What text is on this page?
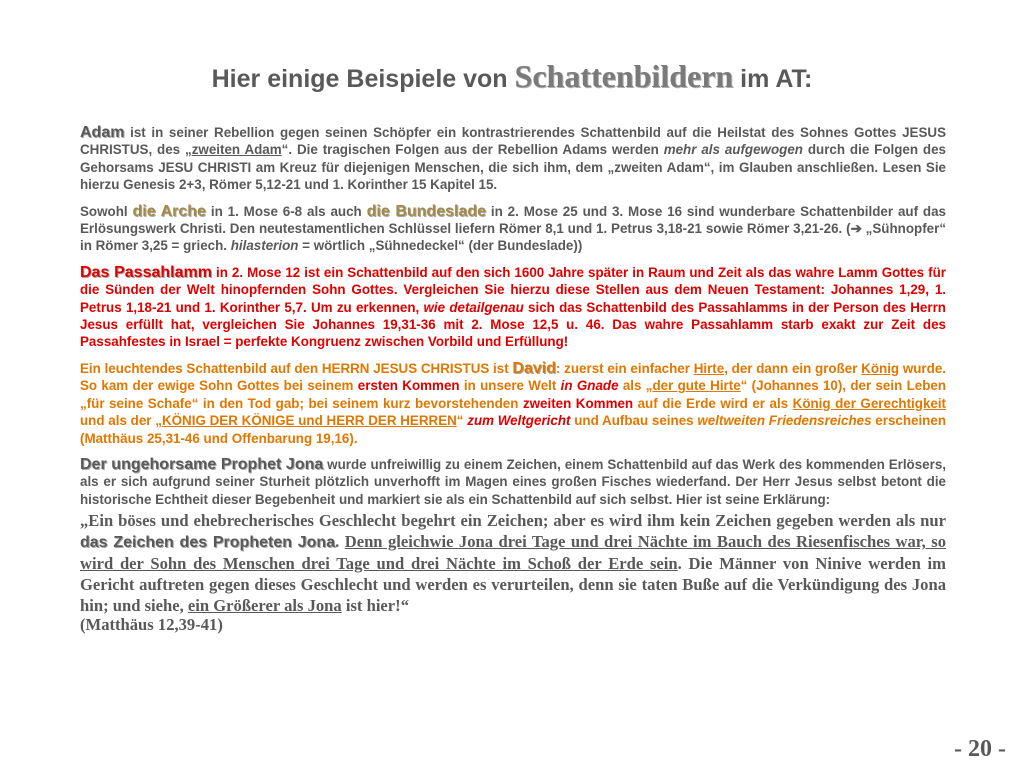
Hier einige Beispiele von Schattenbildern im AT:

Adam ist in seiner Rebellion gegen seinen Schöpfer ein kontrastrierendes Schattenbild auf die Heilstat des Sohnes Gottes JESUS CHRISTUS, des „zweiten Adam“. Die tragischen Folgen aus der Rebellion Adams werden mehr als aufgewogen durch die Folgen des Gehorsams JESU CHRISTI am Kreuz für diejenigen Menschen, die sich ihm, dem „zweiten Adam“, im Glauben anschließen. Lesen Sie hierzu Genesis 2+3, Römer 5,12-21 und 1. Korinther 15 Kapitel 15.

Sowohl die Arche in 1. Mose 6-8 als auch die Bundeslade in 2. Mose 25 und 3. Mose 16 sind wunderbare Schattenbilder auf das Erlösungswerk Christi. Den neutestamentlichen Schlüssel liefern Römer 8,1 und 1. Petrus 3,18-21 sowie Römer 3,21-26. (➔ „Sühnopfer“ in Römer 3,25 = griech. hilasterion = wörtlich „Sühnedeckel“ (der Bundeslade))

Das Passahlamm in 2. Mose 12 ist ein Schattenbild auf den sich 1600 Jahre später in Raum und Zeit als das wahre Lamm Gottes für die Sünden der Welt hinopfernden Sohn Gottes. Vergleichen Sie hierzu diese Stellen aus dem Neuen Testament: Johannes 1,29, 1. Petrus 1,18-21 und 1. Korinther 5,7. Um zu erkennen, wie detailgenau sich das Schattenbild des Passahlamms in der Person des Herrn Jesus erfüllt hat, vergleichen Sie Johannes 19,31-36 mit 2. Mose 12,5 u. 46. Das wahre Passahlamm starb exakt zur Zeit des Passahfestes in Israel = perfekte Kongruenz zwischen Vorbild und Erfüllung!

Ein leuchtendes Schattenbild auf den HERRN JESUS CHRISTUS ist David: zuerst ein einfacher Hirte, der dann ein großer König wurde. So kam der ewige Sohn Gottes bei seinem ersten Kommen in unsere Welt in Gnade als „der gute Hirte“ (Johannes 10), der sein Leben „für seine Schafe“ in den Tod gab; bei seinem kurz bevorstehenden zweiten Kommen auf die Erde wird er als König der Gerechtigkeit und als der „KÖNIG DER KÖNIGE und HERR DER HERREN“ zum Weltgericht und Aufbau seines weltweiten Friedensreiches erscheinen (Matthäus 25,31-46 und Offenbarung 19,16).

Der ungehorsame Prophet Jona wurde unfreiwillig zu einem Zeichen, einem Schattenbild auf das Werk des kommenden Erlösers, als er sich aufgrund seiner Sturheit plötzlich unverhofft im Magen eines großen Fisches wiederfand. Der Herr Jesus selbst betont die historische Echtheit dieser Begebenheit und markiert sie als ein Schattenbild auf sich selbst. Hier ist seine Erklärung:

„Ein böses und ehebrecherisches Geschlecht begehrt ein Zeichen; aber es wird ihm kein Zeichen gegeben werden als nur das Zeichen des Propheten Jona. Denn gleichwie Jona drei Tage und drei Nächte im Bauch des Riesenfisches war, so wird der Sohn des Menschen drei Tage und drei Nächte im Schoß der Erde sein. Die Männer von Ninive werden im Gericht auftreten gegen dieses Geschlecht und werden es verurteilen, denn sie taten Buße auf die Verkündigung des Jona hin; und siehe, ein Größerer als Jona ist hier!“
(Matthäus 12,39-41)
- 20 -
